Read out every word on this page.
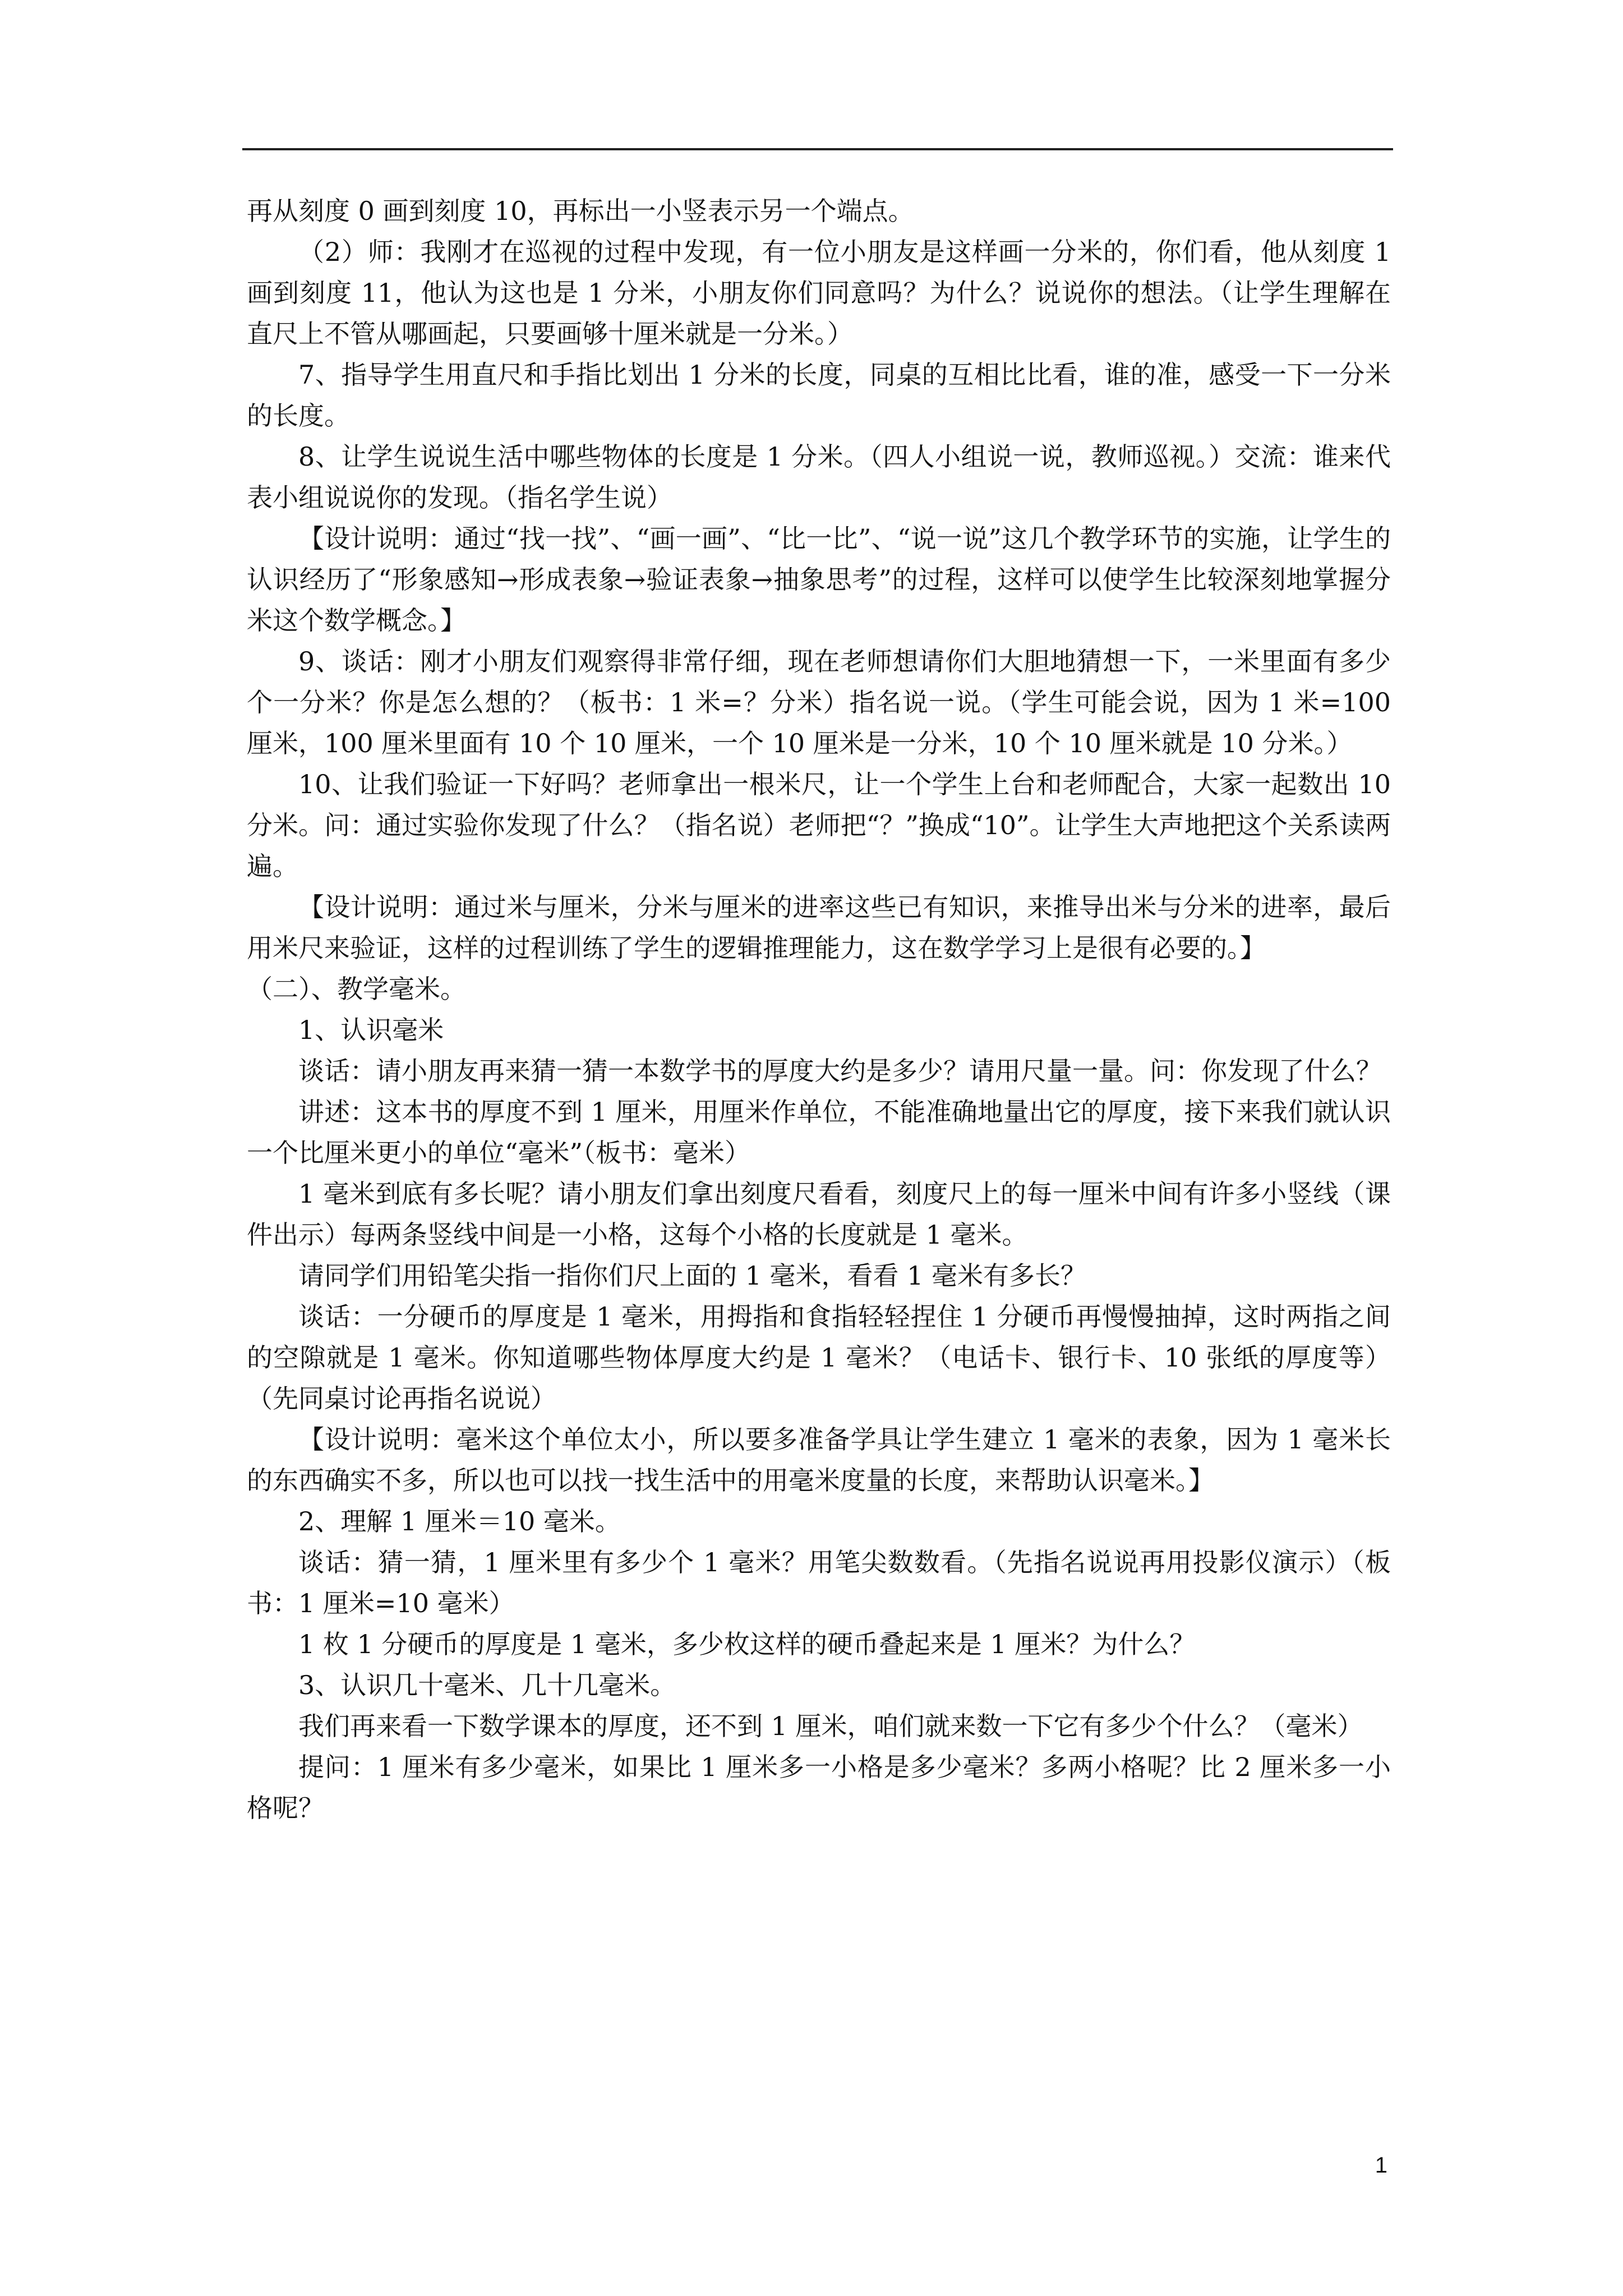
再从刻度 0 画到刻度 10，再标出一小竖表示另一个端点。

（2）师：我刚才在巡视的过程中发现，有一位小朋友是这样画一分米的，你们看，他从刻度 1 画到刻度 11，他认为这也是 1 分米，小朋友你们同意吗？为什么？说说你的想法。（让学生理解在直尺上不管从哪画起，只要画够十厘米就是一分米。）

7、指导学生用直尺和手指比划出 1 分米的长度，同桌的互相比比看，谁的准，感受一下一分米的长度。

8、让学生说说生活中哪些物体的长度是 1 分米。（四人小组说一说，教师巡视。）交流：谁来代表小组说说你的发现。（指名学生说）

【设计说明：通过“找一找”、“画一画”、“比一比”、“说一说”这几个教学环节的实施，让学生的认识经历了“形象感知→形成表象→验证表象→抽象思考”的过程，这样可以使学生比较深刻地掌握分米这个数学概念。】

9、谈话：刚才小朋友们观察得非常仔细，现在老师想请你们大胆地猜想一下，一米里面有多少个一分米？你是怎么想的？（板书：1 米=？分米）指名说一说。（学生可能会说，因为 1 米=100 厘米，100 厘米里面有 10 个 10 厘米，一个 10 厘米是一分米，10 个 10 厘米就是 10 分米。）

10、让我们验证一下好吗？老师拿出一根米尺，让一个学生上台和老师配合，大家一起数出 10 分米。问：通过实验你发现了什么？（指名说）老师把“？”换成“10”。让学生大声地把这个关系读两遍。

【设计说明：通过米与厘米，分米与厘米的进率这些已有知识，来推导出米与分米的进率，最后用米尺来验证，这样的过程训练了学生的逻辑推理能力，这在数学学习上是很有必要的。】

（二）、教学毫米。

1、认识毫米

谈话：请小朋友再来猜一猜一本数学书的厚度大约是多少？请用尺量一量。问：你发现了什么？

讲述：这本书的厚度不到 1 厘米，用厘米作单位，不能准确地量出它的厚度，接下来我们就认识一个比厘米更小的单位“毫米”（板书：毫米）

1 毫米到底有多长呢？请小朋友们拿出刻度尺看看，刻度尺上的每一厘米中间有许多小竖线（课件出示）每两条竖线中间是一小格，这每个小格的长度就是 1 毫米。

请同学们用铅笔尖指一指你们尺上面的 1 毫米，看看 1 毫米有多长？

谈话：一分硬币的厚度是 1 毫米，用拇指和食指轻轻捏住 1 分硬币再慢慢抽掉，这时两指之间的空隙就是 1 毫米。你知道哪些物体厚度大约是 1 毫米？（电话卡、银行卡、10 张纸的厚度等）（先同桌讨论再指名说说）

【设计说明：毫米这个单位太小，所以要多准备学具让学生建立 1 毫米的表象，因为 1 毫米长的东西确实不多，所以也可以找一找生活中的用毫米度量的长度，来帮助认识毫米。】

2、理解 1 厘米＝10 毫米。

谈话：猜一猜，1 厘米里有多少个 1 毫米？用笔尖数数看。（先指名说说再用投影仪演示）（板书：1 厘米=10 毫米）

1 枚 1 分硬币的厚度是 1 毫米，多少枚这样的硬币叠起来是 1 厘米？为什么？

3、认识几十毫米、几十几毫米。

我们再来看一下数学课本的厚度，还不到 1 厘米，咱们就来数一下它有多少个什么？（毫米）

提问：1 厘米有多少毫米，如果比 1 厘米多一小格是多少毫米？多两小格呢？比 2 厘米多一小格呢？

1
